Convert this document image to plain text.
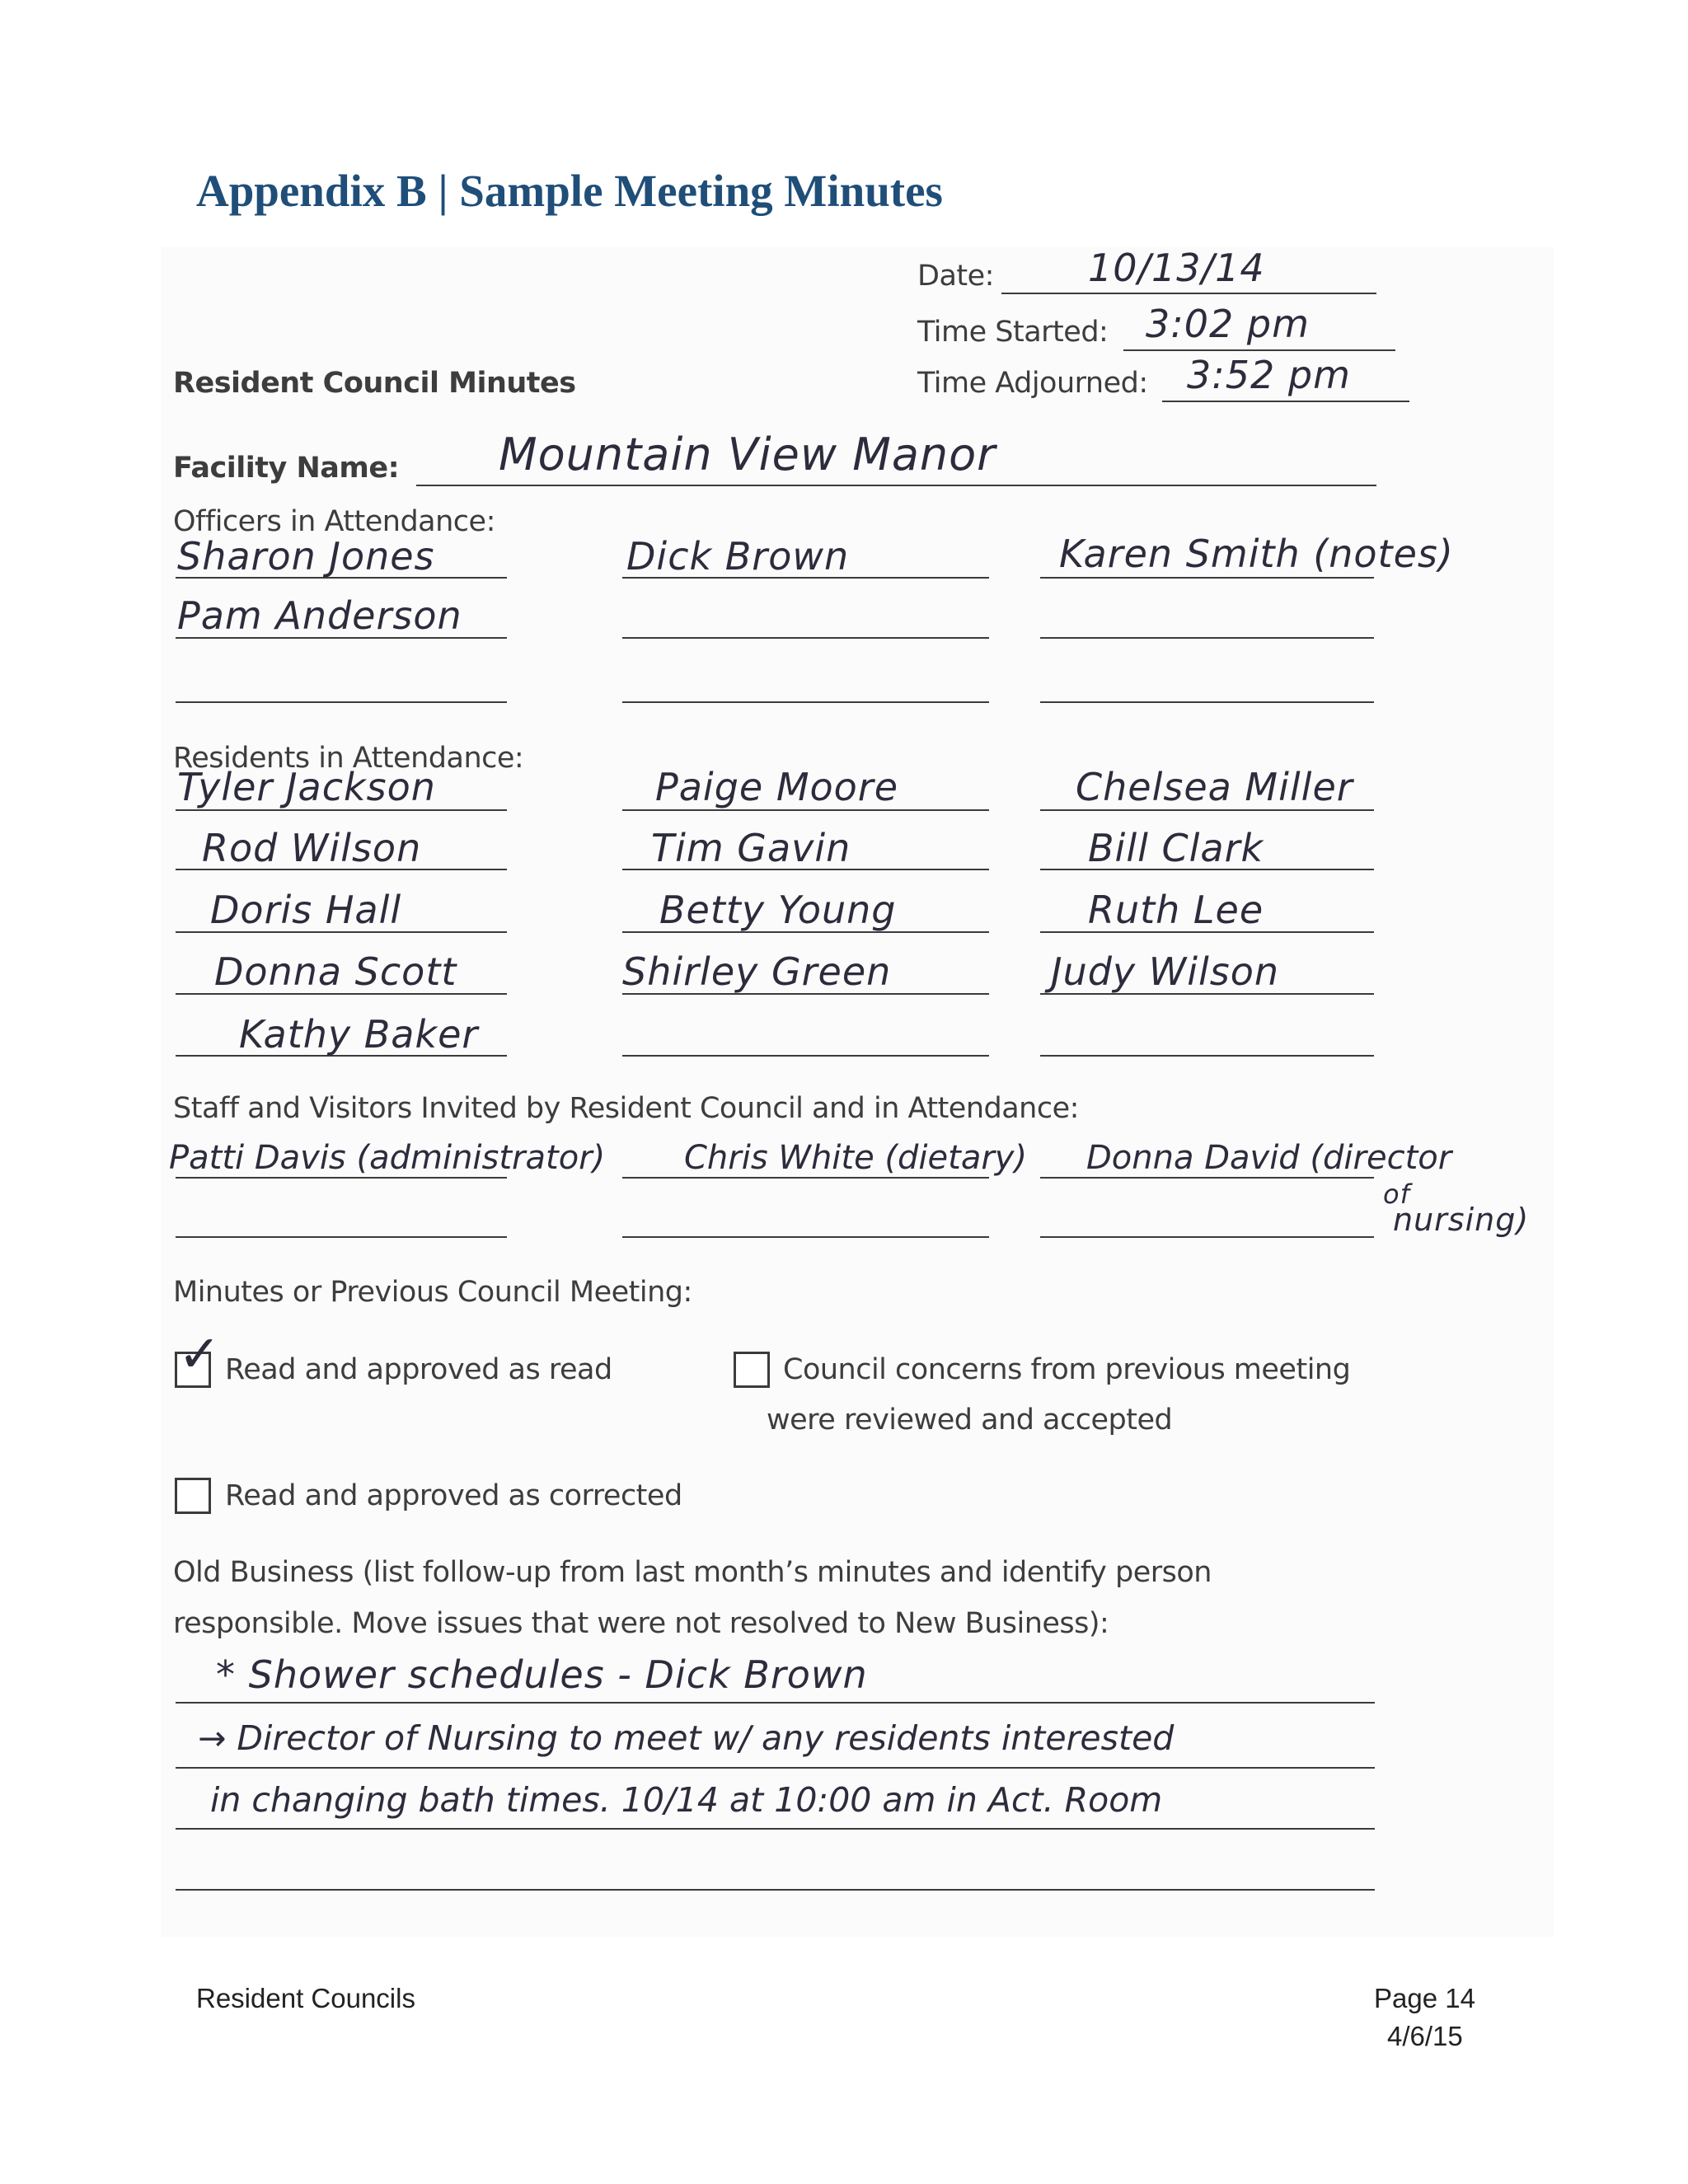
Appendix B | Sample Meeting Minutes
Date: 10/13/14
Time Started: 3:02 pm
Resident Council Minutes	Time Adjourned: 3:52 pm
Facility Name: Mountain View Manor
Officers in Attendance:
Sharon Jones	Dick Brown	Karen Smith (notes)
Pam Anderson
Residents in Attendance:
Tyler Jackson	Paige Moore	Chelsea Miller
Rod Wilson	Tim Gavin	Bill Clark
Doris Hall	Betty Young	Ruth Lee
Donna Scott	Shirley Green	Judy Wilson
Kathy Baker
Staff and Visitors Invited by Resident Council and in Attendance:
Patti Davis (administrator) Chris White (dietary) Donna David (director
of
nursing)
Minutes or Previous Council Meeting:
✓ Read and approved as read	Council concerns from previous meeting
were reviewed and accepted
Read and approved as corrected
Old Business (list follow-up from last month’s minutes and identify person
responsible. Move issues that were not resolved to New Business):
* Shower schedules - Dick Brown
→ Director of Nursing to meet w/ any residents interested
in changing bath times. 10/14 at 10:00 am in Act. Room
Resident Councils	Page 14
4/6/15
